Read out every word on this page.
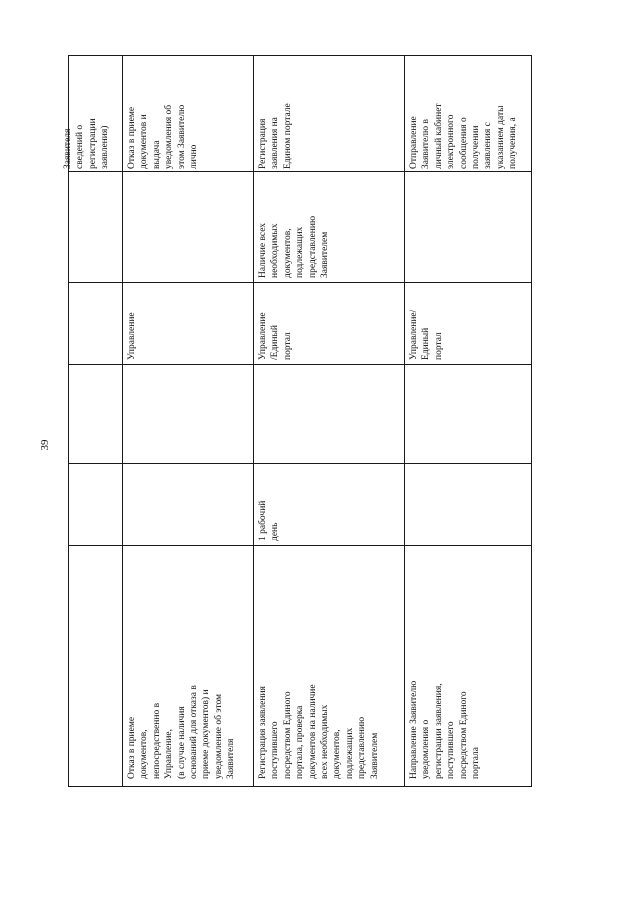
39
Заявителя
сведений о
регистрации
заявления)
Отказ в приеме
документов,
непосредственно в
Управление,
(в случае наличия
оснований для отказа в
приеме документов) и
уведомление об этом
Заявителя
Управление
Отказ в приеме
документов и
выдача
уведомления об
этом Заявителю
лично
Регистрация заявления
поступившего
посредством Единого
портала, проверка
документов на наличие
всех необходимых
документов,
подлежащих
представлению
Заявителем
1 рабочий
день
Управление
/Единый
портал
Наличие всех
необходимых
документов,
подлежащих
представлению
Заявителем
Регистрация
заявления на
Едином портале
Направление Заявителю
уведомления о
регистрации заявления,
поступившего
посредством Единого
портала
Управление/
Единый
портал
Отправление
Заявителю в
личный кабинет
электронного
сообщения о
получении
заявления с
указанием даты
получения, а
